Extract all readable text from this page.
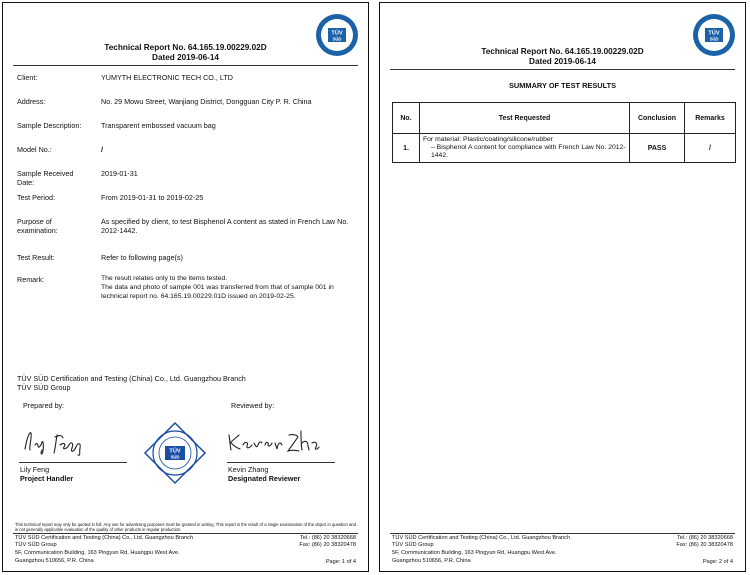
TÜV
SÜD
Technical Report No. 64.165.19.00229.02D
Dated 2019-06-14
Client:	YUMYTH ELECTRONIC TECH CO., LTD
Address:	No. 29 Mowu Street, Wanjiang District, Dongguan City P. R. China
Sample Description:	Transparent embossed vacuum bag
Model No.:	/
Sample Received Date:
2019-01-31
Test Period:	From 2019-01-31 to 2019-02-25
Purpose of examination:
As specified by client, to test Bisphenol A content as stated in French Law No. 2012-1442.
Test Result:	Refer to following page(s)
Remark:	The result relates only to the items tested.
The data and photo of sample 001 was transferred from that of sample 001 in technical report no. 64.165.19.00229.01D issued on 2019-02-25.
TÜV SÜD Certification and Testing (China) Co., Ltd. Guangzhou Branch
TÜV SÜD Group
Prepared by:	Reviewed by:
TÜV
SÜD
Lily Feng
Project Handler
Kevin Zhang
Designated Reviewer
This technical report may only be quoted in full. Any use for advertising purposes must be granted in writing. This report is the result of a single examination of the object in question and is not generally applicable evaluation of the quality of other products in regular production.
TÜV SÜD Certification and Testing (China) Co., Ltd. Guangzhou Branch
TÜV SÜD Group
5F, Communication Building, 163 Pingyun Rd, Huangpu West Ave.
Guangzhou 510656, P.R. China
Tel.: (86) 20 38320668
Fax: (86) 20 38320478
Page: 1 of 4
TÜV
SÜD
Technical Report No. 64.165.19.00229.02D
Dated 2019-06-14
SUMMARY OF TEST RESULTS
No.	Test Requested	Conclusion	Remarks
1.	For material: Plastic/coating/silicone/rubber
– Bisphenol A content for compliance with French Law No. 2012-1442.	PASS	/
TÜV SÜD Certification and Testing (China) Co., Ltd. Guangzhou Branch
TÜV SÜD Group
5F, Communication Building, 163 Pingyun Rd, Huangpu West Ave.
Guangzhou 510656, P.R. China
Tel.: (86) 20 38320668
Fax: (86) 20 38320478
Page: 2 of 4
